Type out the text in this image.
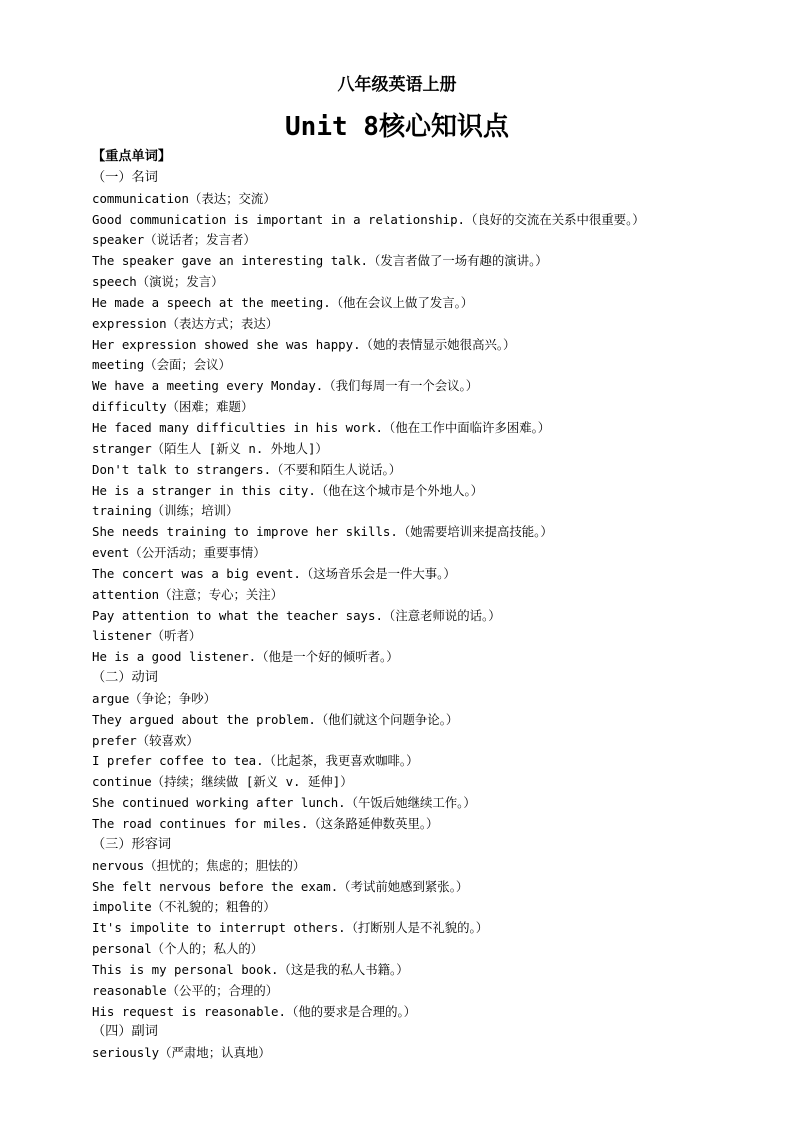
八年级英语上册
Unit 8核心知识点
【重点单词】
（一）名词
communication（表达；交流）
Good communication is important in a relationship.（良好的交流在关系中很重要。）
speaker（说话者；发言者）
The speaker gave an interesting talk.（发言者做了一场有趣的演讲。）
speech（演说；发言）
He made a speech at the meeting.（他在会议上做了发言。）
expression（表达方式；表达）
Her expression showed she was happy.（她的表情显示她很高兴。）
meeting（会面；会议）
We have a meeting every Monday.（我们每周一有一个会议。）
difficulty（困难；难题）
He faced many difficulties in his work.（他在工作中面临许多困难。）
stranger（陌生人 [新义 n. 外地人]）
Don't talk to strangers.（不要和陌生人说话。）
He is a stranger in this city.（他在这个城市是个外地人。）
training（训练；培训）
She needs training to improve her skills.（她需要培训来提高技能。）
event（公开活动；重要事情）
The concert was a big event.（这场音乐会是一件大事。）
attention（注意；专心；关注）
Pay attention to what the teacher says.（注意老师说的话。）
listener（听者）
He is a good listener.（他是一个好的倾听者。）
（二）动词
argue（争论；争吵）
They argued about the problem.（他们就这个问题争论。）
prefer（较喜欢）
I prefer coffee to tea.（比起茶，我更喜欢咖啡。）
continue（持续；继续做 [新义 v. 延伸]）
She continued working after lunch.（午饭后她继续工作。）
The road continues for miles.（这条路延伸数英里。）
（三）形容词
nervous（担忧的；焦虑的；胆怯的）
She felt nervous before the exam.（考试前她感到紧张。）
impolite（不礼貌的；粗鲁的）
It's impolite to interrupt others.（打断别人是不礼貌的。）
personal（个人的；私人的）
This is my personal book.（这是我的私人书籍。）
reasonable（公平的；合理的）
His request is reasonable.（他的要求是合理的。）
（四）副词
seriously（严肃地；认真地）
